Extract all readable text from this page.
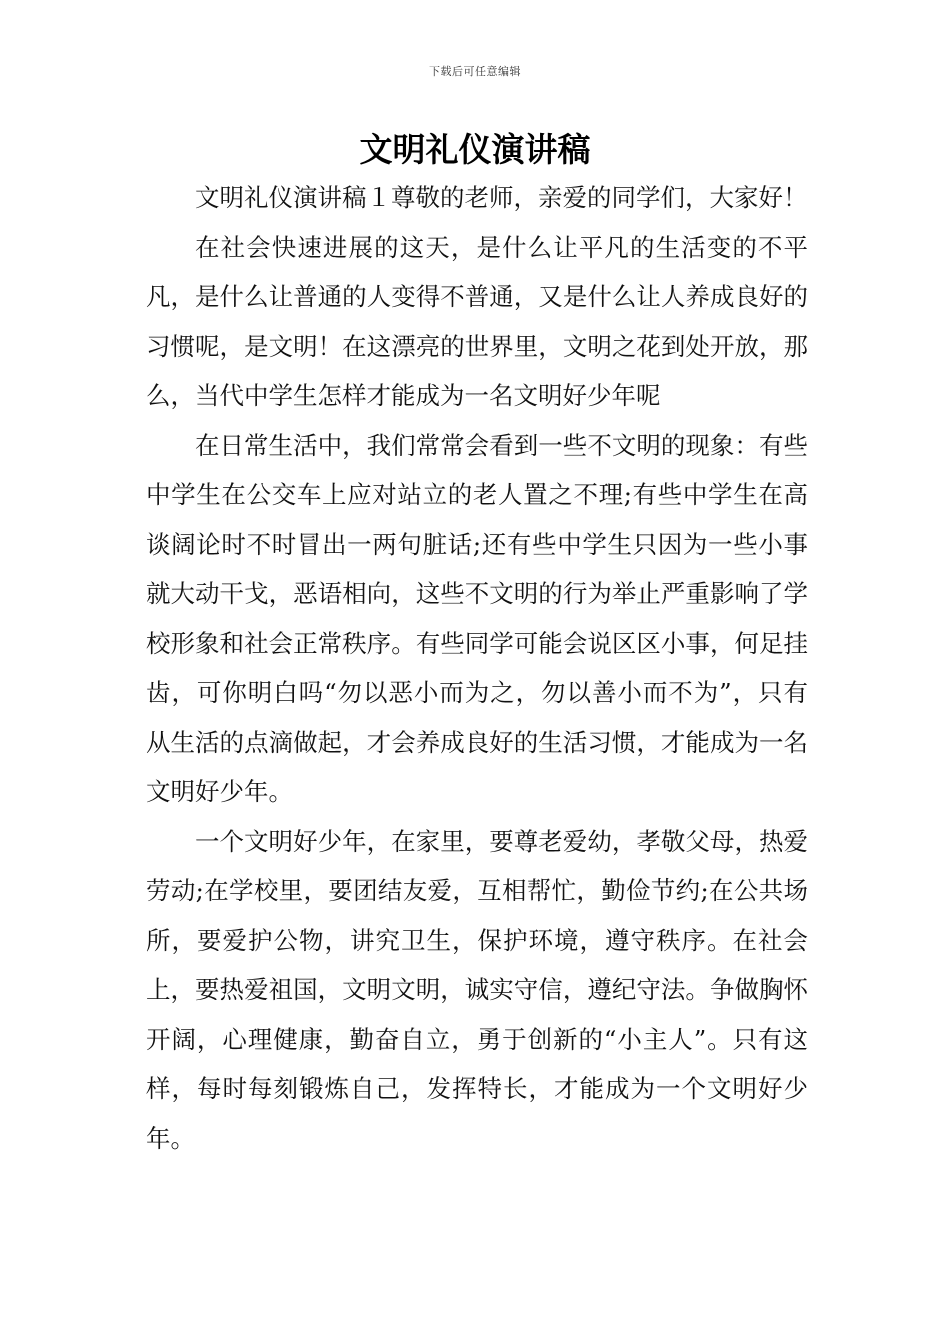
下载后可任意编辑
文明礼仪演讲稿

文明礼仪演讲稿１尊敬的老师，亲爱的同学们，大家好！

在社会快速进展的这天，是什么让平凡的生活变的不平凡，是什么让普通的人变得不普通，又是什么让人养成良好的习惯呢，是文明！在这漂亮的世界里，文明之花到处开放，那么，当代中学生怎样才能成为一名文明好少年呢

在日常生活中，我们常常会看到一些不文明的现象：有些中学生在公交车上应对站立的老人置之不理;有些中学生在高谈阔论时不时冒出一两句脏话;还有些中学生只因为一些小事就大动干戈，恶语相向，这些不文明的行为举止严重影响了学校形象和社会正常秩序。有些同学可能会说区区小事，何足挂齿，可你明白吗“勿以恶小而为之，勿以善小而不为”，只有从生活的点滴做起，才会养成良好的生活习惯，才能成为一名文明好少年。

一个文明好少年，在家里，要尊老爱幼，孝敬父母，热爱劳动;在学校里，要团结友爱，互相帮忙，勤俭节约;在公共场所，要爱护公物，讲究卫生，保护环境，遵守秩序。在社会上，要热爱祖国，文明文明，诚实守信，遵纪守法。争做胸怀开阔，心理健康，勤奋自立，勇于创新的“小主人”。只有这样，每时每刻锻炼自己，发挥特长，才能成为一个文明好少年。
